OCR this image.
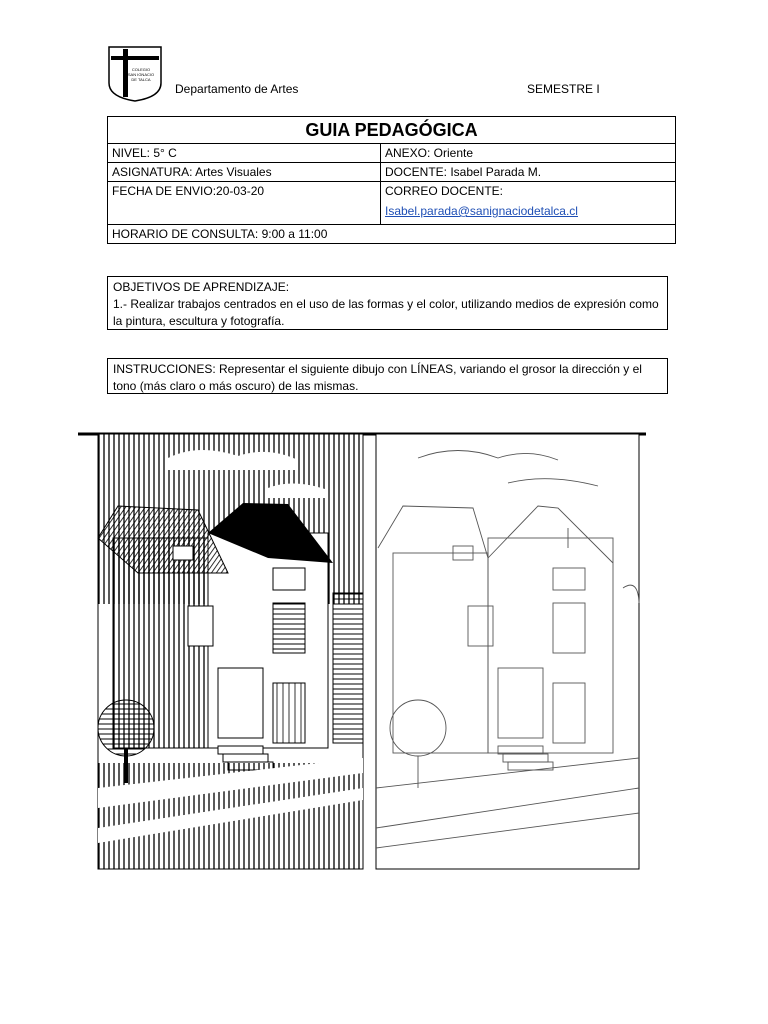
COLEGIO
SAN IGNACIO
DE TALCA
Departamento de Artes	SEMESTRE I
GUIA PEDAGÓGICA	
NIVEL: 5° C	ANEXO: Oriente
ASIGNATURA: Artes Visuales	DOCENTE: Isabel Parada M.
FECHA DE ENVIO:20-03-20	CORREO DOCENTE:
Isabel.parada@sanignaciodetalca.cl
HORARIO DE CONSULTA: 9:00 a 11:00	
OBJETIVOS DE APRENDIZAJE:
1.- Realizar trabajos centrados en el uso de las formas y el color, utilizando medios de expresión como la pintura, escultura y fotografía.
INSTRUCCIONES: Representar el siguiente dibujo con LÍNEAS, variando el grosor la dirección y el tono (más claro o más oscuro) de las mismas.
